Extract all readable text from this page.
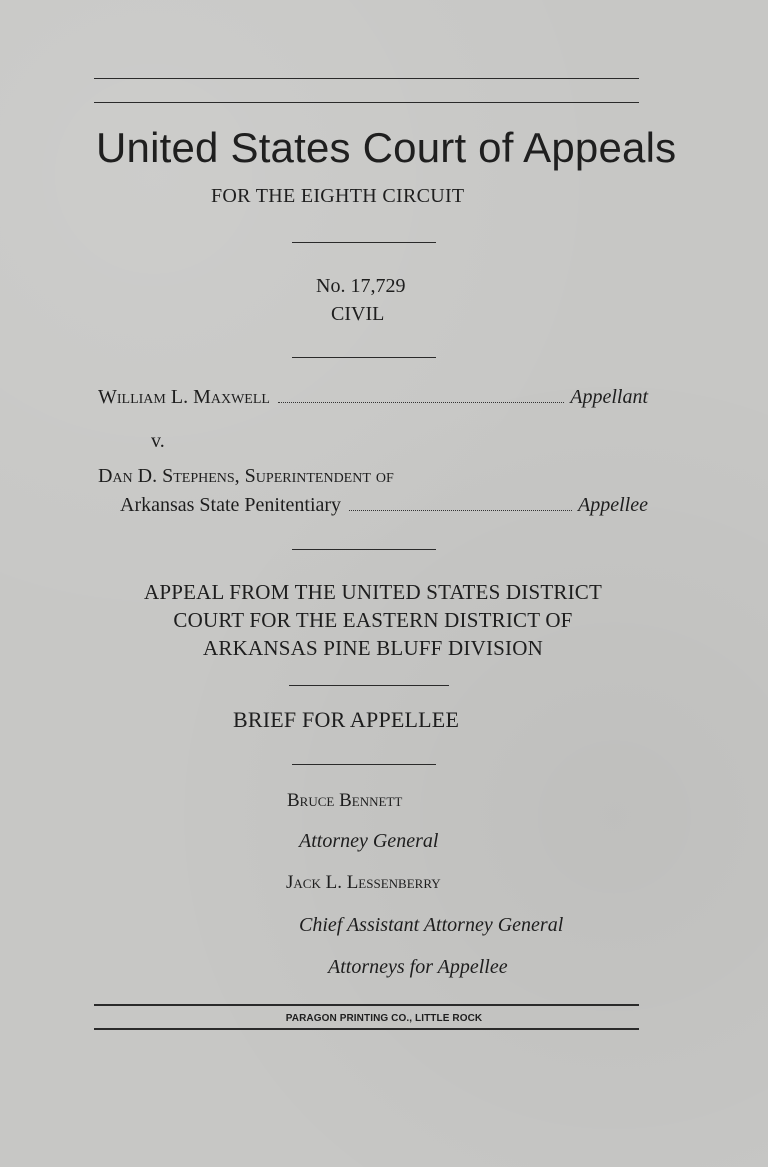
United States Court of Appeals
FOR THE EIGHTH CIRCUIT
No. 17,729
CIVIL
William L. Maxwell	Appellant
v.
Dan D. Stephens, Superintendent of
Arkansas State Penitentiary	Appellee
APPEAL FROM THE UNITED STATES DISTRICT
COURT FOR THE EASTERN DISTRICT OF
ARKANSAS PINE BLUFF DIVISION
BRIEF FOR APPELLEE
Bruce Bennett
Attorney General
Jack L. Lessenberry
Chief Assistant Attorney General
Attorneys for Appellee
PARAGON PRINTING CO., LITTLE ROCK
